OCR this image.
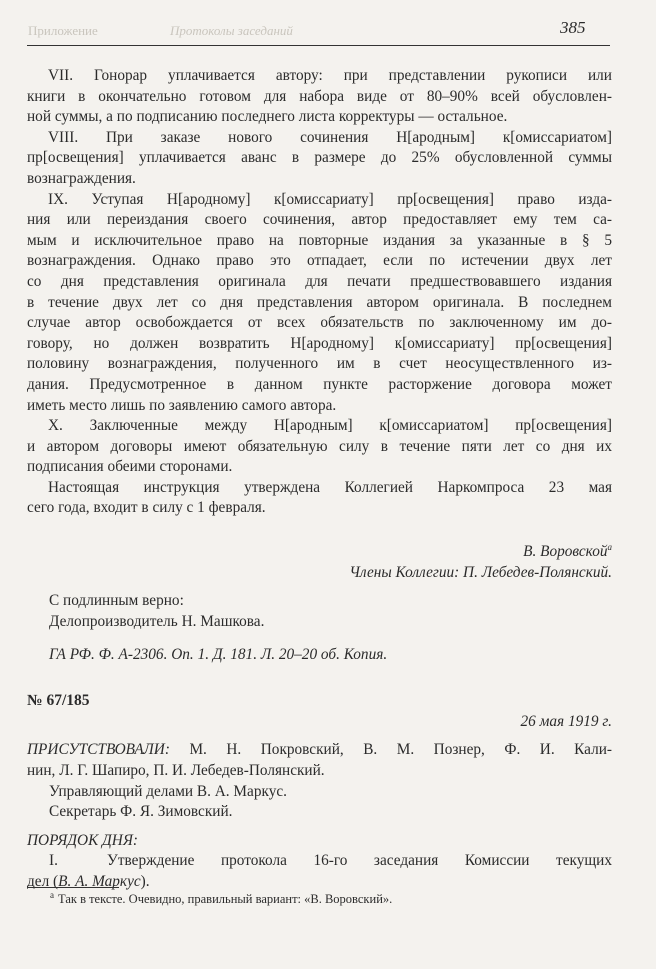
Приложение	Протоколы заседаний	385
VII. Гонорар уплачивается автору: при представлении рукописи или
книги в окончательно готовом для набора виде от 80–90% всей обусловлен-
ной суммы, а по подписанию последнего листа корректуры — остальное.
VIII. При заказе нового сочинения Н[ародным] к[омиссариатом]
пр[освещения] уплачивается аванс в размере до 25% обусловленной суммы
вознаграждения.
IX. Уступая Н[ародному] к[омиссариату] пр[освещения] право изда-
ния или переиздания своего сочинения, автор предоставляет ему тем са-
мым и исключительное право на повторные издания за указанные в § 5
вознаграждения. Однако право это отпадает, если по истечении двух лет
со дня представления оригинала для печати предшествовавшего издания
в течение двух лет со дня представления автором оригинала. В последнем
случае автор освобождается от всех обязательств по заключенному им до-
говору, но должен возвратить Н[ародному] к[омиссариату] пр[освещения]
половину вознаграждения, полученного им в счет неосуществленного из-
дания. Предусмотренное в данном пункте расторжение договора может
иметь место лишь по заявлению самого автора.
X. Заключенные между Н[ародным] к[омиссариатом] пр[освещения]
и автором договоры имеют обязательную силу в течение пяти лет со дня их
подписания обеими сторонами.
Настоящая инструкция утверждена Коллегией Наркомпроса 23 мая
сего года, входит в силу с 1 февраля.

В. Воровской$^а$

Члены Коллегии: П. Лебедев-Полянский.

С подлинным верно:

Делопроизводитель Н. Машкова.

ГА РФ. Ф. А-2306. Оп. 1. Д. 181. Л. 20–20 об. Копия.

№ 67/185

26 мая 1919 г.

ПРИСУТСТВОВАЛИ: М. Н. Покровский, В. М. Познер, Ф. И. Кали-
нин, Л. Г. Шапиро, П. И. Лебедев-Полянский.

Управляющий делами В. А. Маркус.

Секретарь Ф. Я. Зимовский.

ПОРЯДОК ДНЯ:

I.	Утверждение протокола 16-го заседания Комиссии текущих

дел (В. А. Маркус).

$^а$ Так в тексте. Очевидно, правильный вариант: «В. Воровский».
